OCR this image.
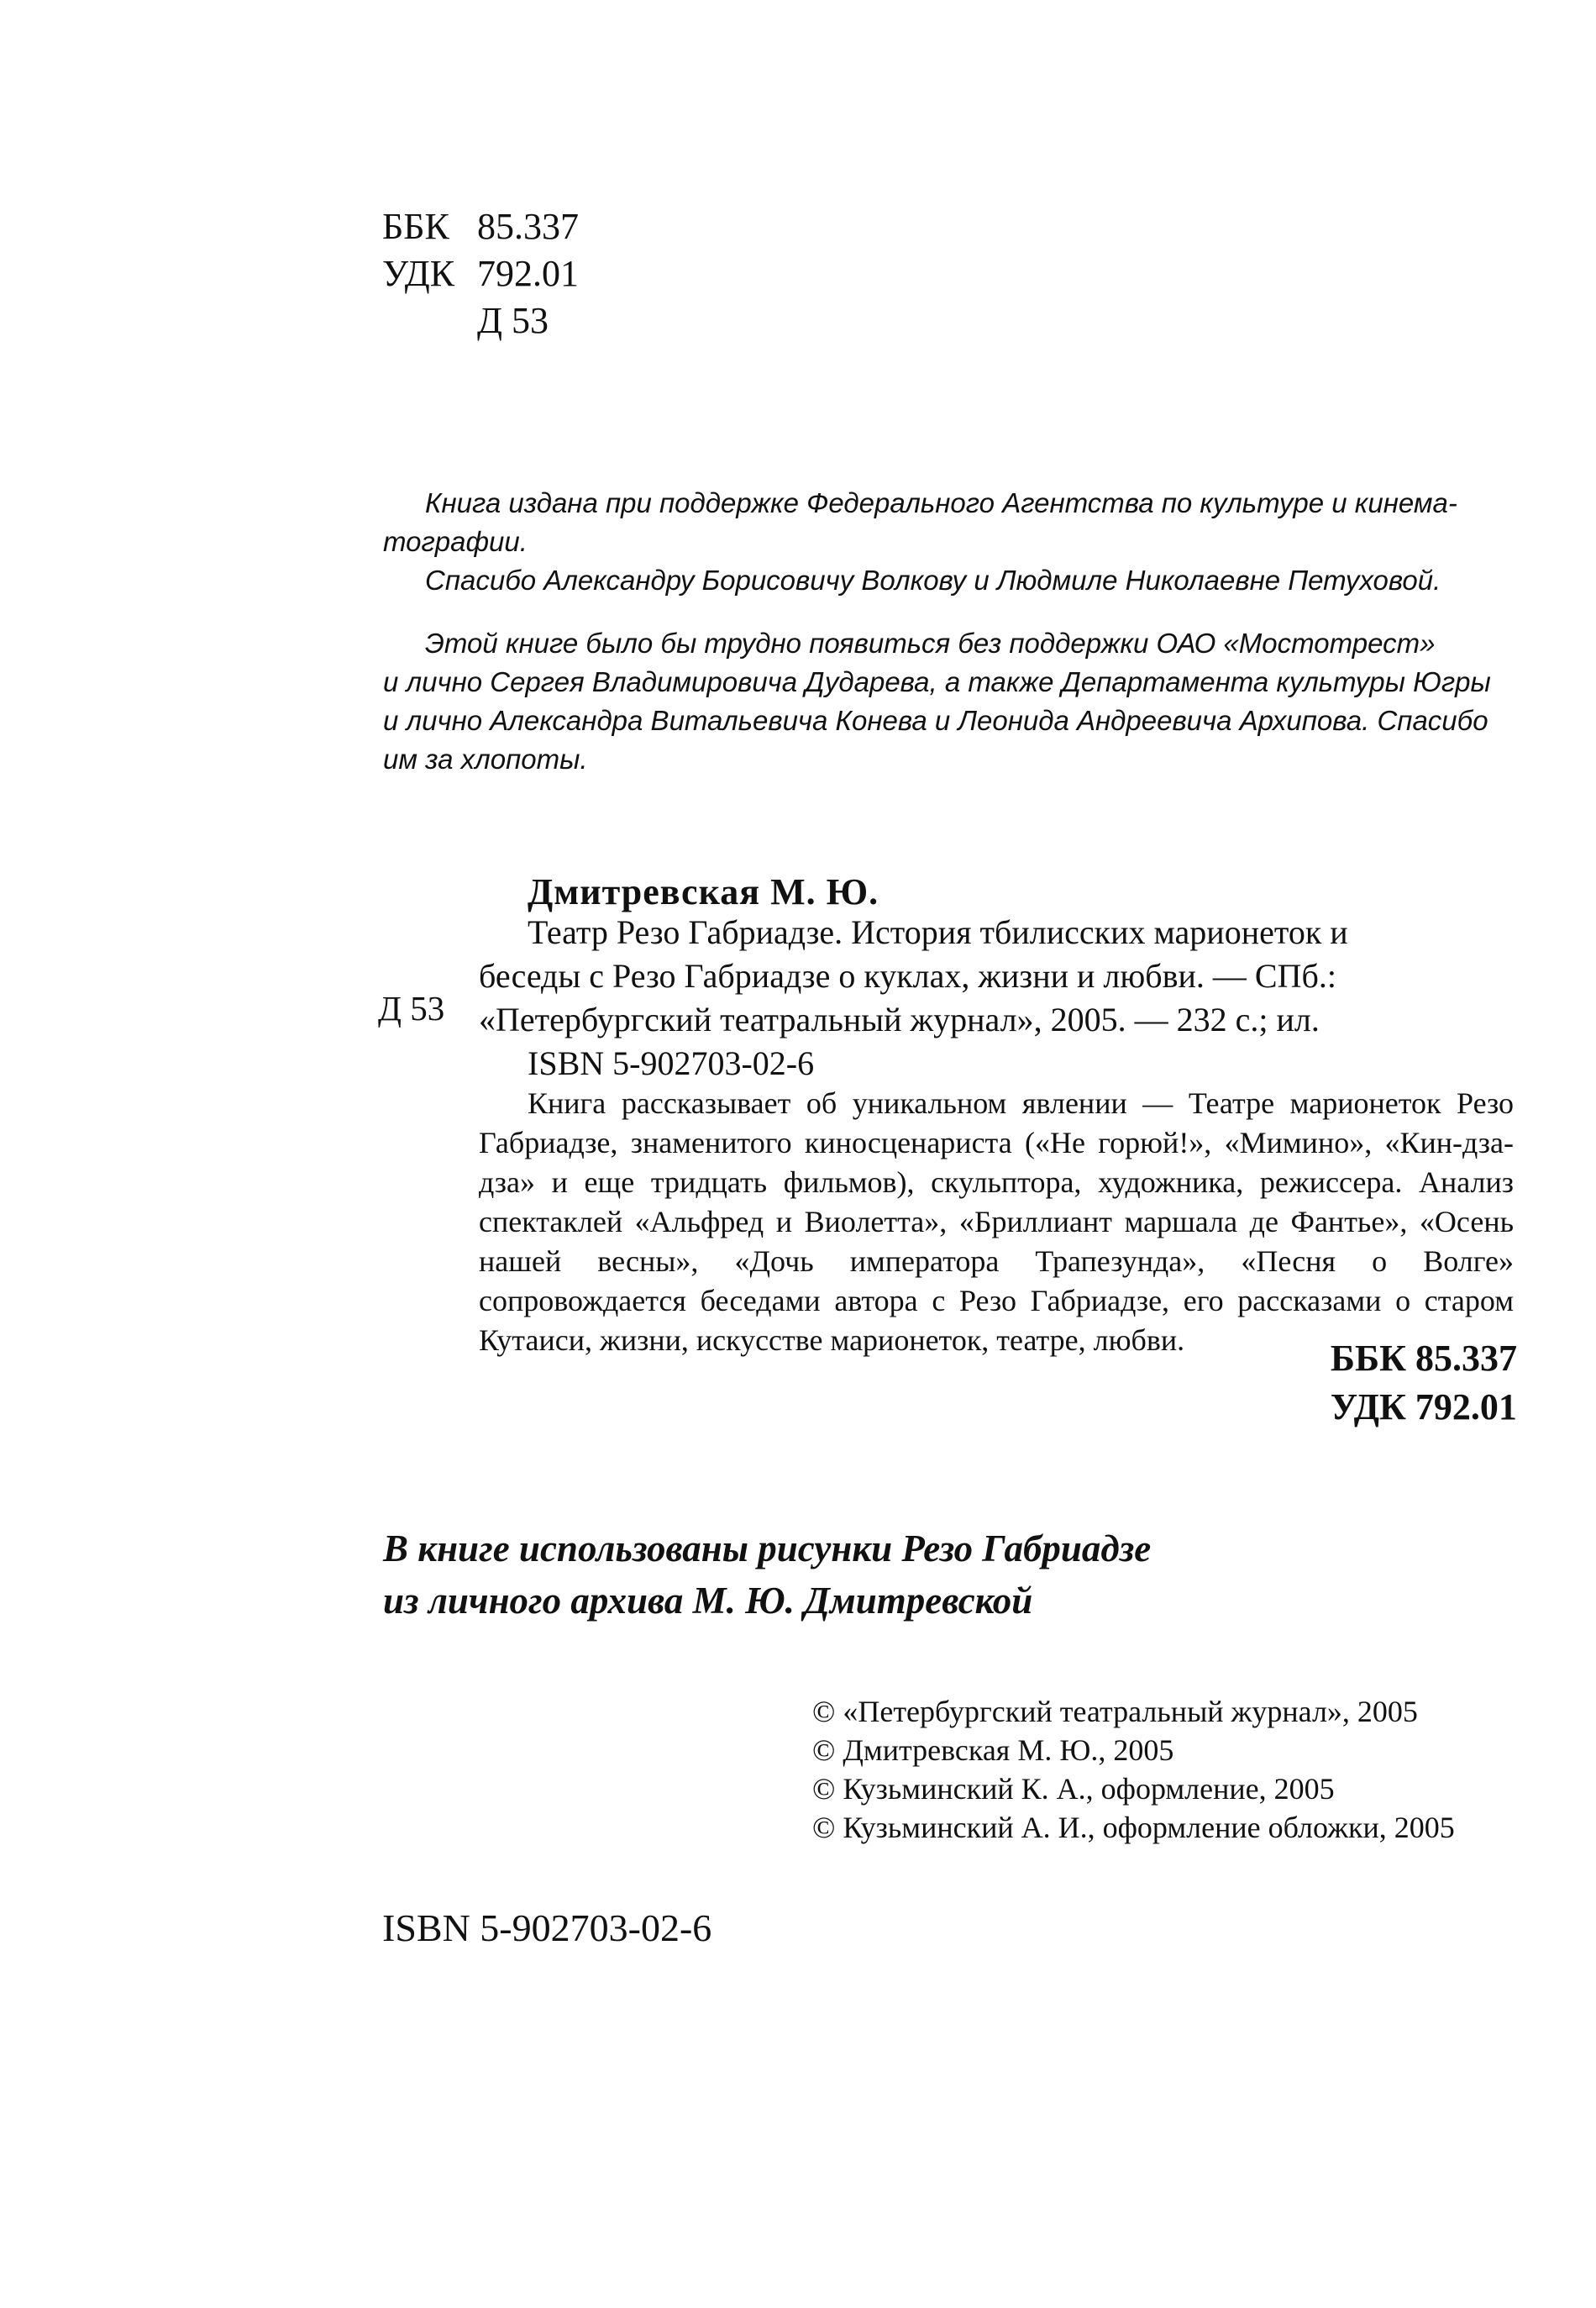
ББК 85.337
УДК 792.01
Д 53

Книга издана при поддержке Федерального Агентства по культуре и кинема-

тографии.

Спасибо Александру Борисовичу Волкову и Людмиле Николаевне Петуховой.

Этой книге было бы трудно появиться без поддержки ОАО «Мостотрест»

и лично Сергея Владимировича Дударева, а также Департамента культуры Югры

и лично Александра Витальевича Конева и Леонида Андреевича Архипова. Спасибо

им за хлопоты.

Дмитревская М. Ю.
Д 53
Театр Резо Габриадзе. История тбилисских марионеток и
беседы с Резо Габриадзе о куклах, жизни и любви. — СПб.:
«Петербургский театральный журнал», 2005. — 232 с.; ил.
ISBN 5-902703-02-6

Книга рассказывает об уникальном явлении — Театре марионеток Резо Габриадзе, знаменитого киносценариста («Не горюй!», «Мимино», «Кин-дза-дза» и еще тридцать фильмов), скульптора, художника, режиссера. Анализ спектаклей «Альфред и Виолетта», «Бриллиант маршала де Фантье», «Осень нашей весны», «Дочь императора Трапезунда», «Песня о Волге» сопровождается беседами автора с Резо Габриадзе, его рассказами о старом Кутаиси, жизни, искусстве марионеток, театре, любви.	ББК 85.337
УДК 792.01

В книге использованы рисунки Резо Габриадзе

из личного архива М. Ю. Дмитревской

© «Петербургский театральный журнал», 2005

© Дмитревская М. Ю., 2005

© Кузьминский К. А., оформление, 2005

© Кузьминский А. И., оформление обложки, 2005

ISBN 5-902703-02-6
